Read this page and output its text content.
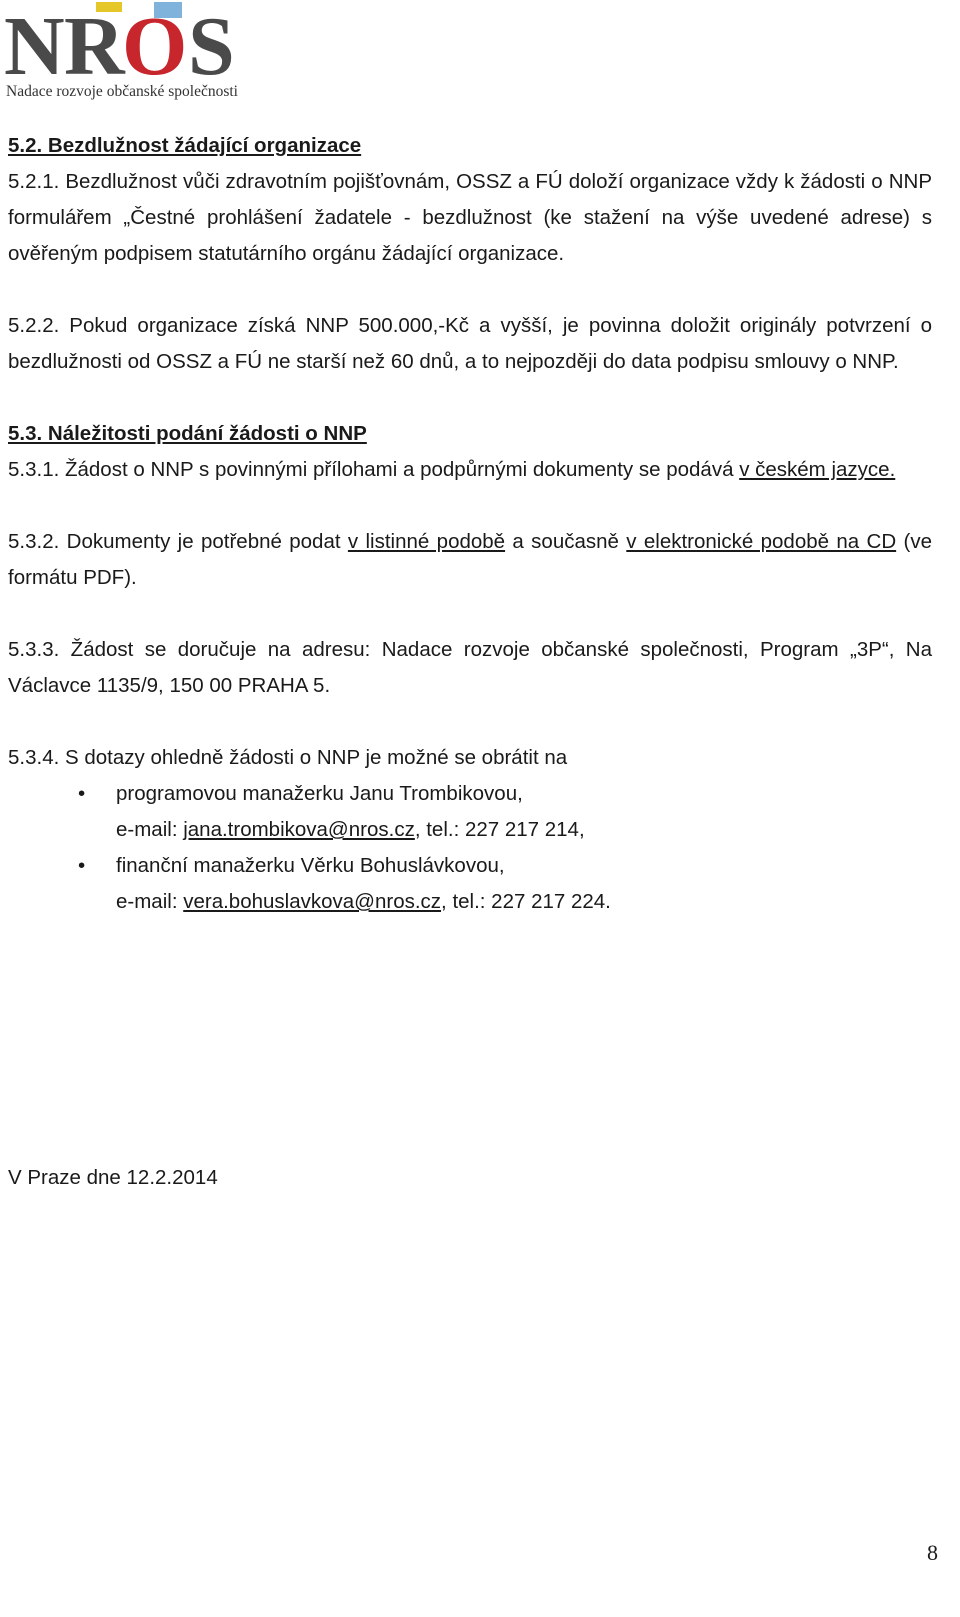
N R
O S
Nadace rozvoje občanské společnosti
5.2. Bezdlužnost žádající organizace

5.2.1. Bezdlužnost vůči zdravotním pojišťovnám, OSSZ a FÚ doloží organizace vždy k žádosti o NNP formulářem „Čestné prohlášení žadatele - bezdlužnost (ke stažení na výše uvedené adrese) s ověřeným podpisem statutárního orgánu žádající organizace.

5.2.2. Pokud organizace získá NNP 500.000,-Kč a vyšší, je povinna doložit originály potvrzení o bezdlužnosti od OSSZ a FÚ ne starší než 60 dnů, a to nejpozději do data podpisu smlouvy o NNP.

5.3. Náležitosti podání žádosti o NNP

5.3.1. Žádost o NNP s povinnými přílohami a podpůrnými dokumenty se podává v českém jazyce.

5.3.2. Dokumenty je potřebné podat v listinné podobě a současně v elektronické podobě na CD (ve formátu PDF).

5.3.3. Žádost se doručuje na adresu: Nadace rozvoje občanské společnosti, Program „3P“, Na Václavce 1135/9, 150 00 PRAHA 5.

5.3.4. S dotazy ohledně žádosti o NNP je možné se obrátit na

• programovou manažerku Janu Trombikovou,
e-mail: jana.trombikova@nros.cz, tel.: 227 217 214,
• finanční manažerku Věrku Bohuslávkovou,
e-mail: vera.bohuslavkova@nros.cz, tel.: 227 217 224.
V Praze dne 12.2.2014
8
